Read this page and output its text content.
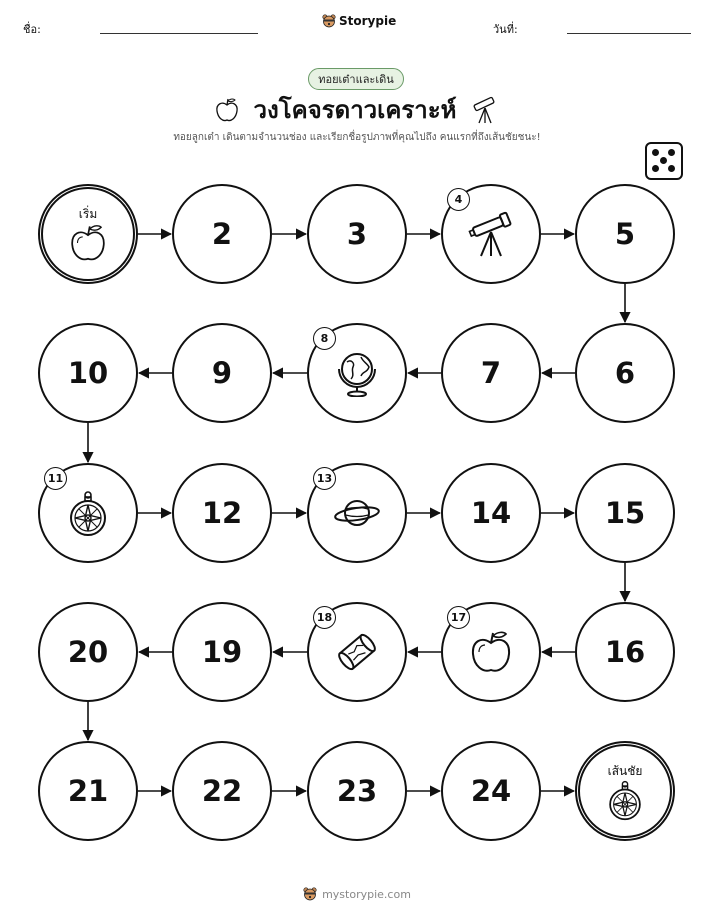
ชื่อ:
Storypie
วันที่:
ทอยเต๋าและเดิน
วงโคจรดาวเคราะห์
ทอยลูกเต๋า เดินตามจำนวนช่อง และเรียกชื่อรูปภาพที่คุณไปถึง คนแรกที่ถึงเส้นชัยชนะ!
เริ่ม
2	3
4
5
6
7
8
9
10
11
12
13
14	15
16
17
18
19
20
21	22	23	24
เส้นชัย
mystorypie.com
